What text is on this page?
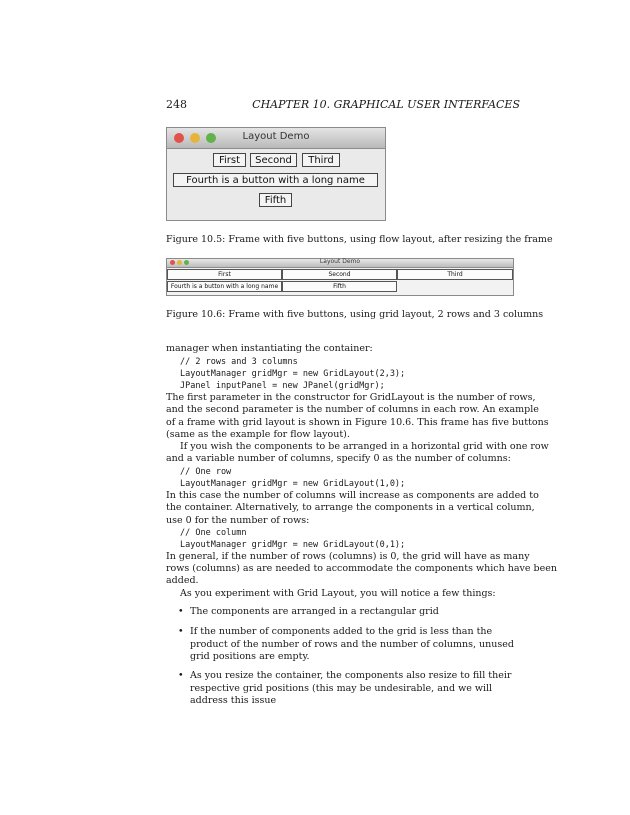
248	CHAPTER 10. GRAPHICAL USER INTERFACES
Layout Demo
First	Second	Third
Fourth is a button with a long name
Fifth
Figure 10.5: Frame with five buttons, using flow layout, after resizing the frame
Layout Demo
First	Second	Third
Fourth is a button with a long name	Fifth
Figure 10.6: Frame with five buttons, using grid layout, 2 rows and 3 columns
manager when instantiating the container:
// 2 rows and 3 columns
LayoutManager gridMgr = new GridLayout(2,3);
JPanel inputPanel = new JPanel(gridMgr);
The first parameter in the constructor for GridLayout is the number of rows,
and the second parameter is the number of columns in each row. An example
of a frame with grid layout is shown in Figure 10.6. This frame has five buttons
(same as the example for flow layout).
If you wish the components to be arranged in a horizontal grid with one row
and a variable number of columns, specify 0 as the number of columns:
// One row
LayoutManager gridMgr = new GridLayout(1,0);
In this case the number of columns will increase as components are added to
the container. Alternatively, to arrange the components in a vertical column,
use 0 for the number of rows:
// One column
LayoutManager gridMgr = new GridLayout(0,1);
In general, if the number of rows (columns) is 0, the grid will have as many
rows (columns) as are needed to accommodate the components which have been
added.
As you experiment with Grid Layout, you will notice a few things:
• The components are arranged in a rectangular grid
• If the number of components added to the grid is less than the product of the number of rows and the number of columns, unused grid positions are empty.
• As you resize the container, the components also resize to fill their respective grid positions (this may be undesirable, and we will address this issue
